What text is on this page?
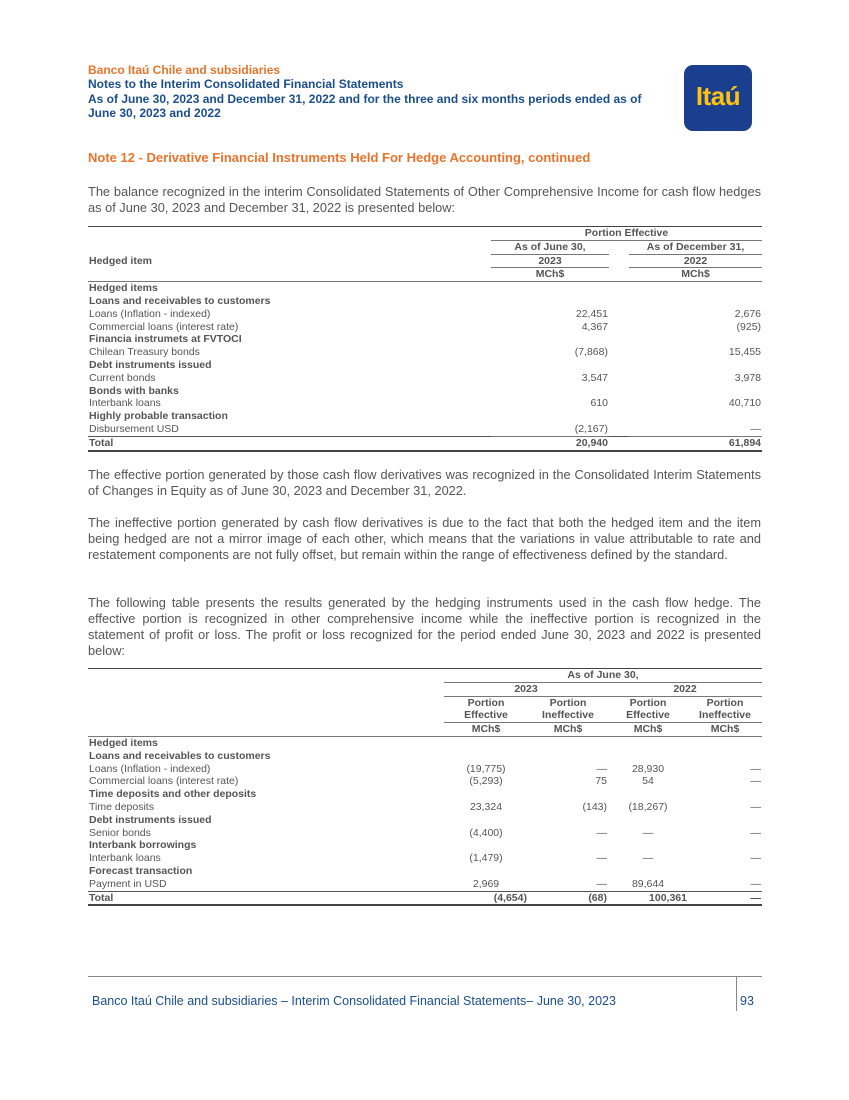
Banco Itaú Chile and subsidiaries
Notes to the Interim Consolidated Financial Statements
As of June 30, 2023 and December 31, 2022 and for the three and six months periods ended as of
June 30, 2023 and 2022
Itaú
Note 12 - Derivative Financial Instruments Held For Hedge Accounting, continued
The balance recognized in the interim Consolidated Statements of Other Comprehensive Income for cash flow hedges as of June 30, 2023 and December 31, 2022 is presented below:
		Portion Effective		
		As of June 30,		As of December 31,
Hedged item		2023		2022
		MCh$		MCh$
Hedged items				
Loans and receivables to customers				
Loans (Inflation - indexed)		22,451		2,676
Commercial loans (interest rate)		4,367		(925)
Financia instrumets at FVTOCI				
Chilean Treasury bonds		(7,868)		15,455
Debt instruments issued				
Current bonds		3,547		3,978
Bonds with banks				
Interbank loans		610		40,710
Highly probable transaction				
Disbursement USD		(2,167)		—
Total		20,940		61,894
The effective portion generated by those cash flow derivatives was recognized in the Consolidated Interim Statements of Changes in Equity as of June 30, 2023 and December 31, 2022.
The ineffective portion generated by cash flow derivatives is due to the fact that both the hedged item and the item being hedged are not a mirror image of each other, which means that the variations in value attributable to rate and restatement components are not fully offset, but remain within the range of effectiveness defined by the standard.
The following table presents the results generated by the hedging instruments used in the cash flow hedge. The effective portion is recognized in other comprehensive income while the ineffective portion is recognized in the statement of profit or loss. The profit or loss recognized for the period ended June 30, 2023 and 2022 is presented below:
	As of June 30,			
	2023		2022	
	Portion	Portion	Portion	Portion
	Effective	Ineffective	Effective	Ineffective
	MCh$	MCh$	MCh$	MCh$
Hedged items				
Loans and receivables to customers				
Loans (Inflation - indexed)	(19,775)	—	28,930	—
Commercial loans (interest rate)	(5,293)	75	54	—
Time deposits and other deposits				
Time deposits	23,324	(143)	(18,267)	—
Debt instruments issued				
Senior bonds	(4,400)	—	—	—
Interbank borrowings				
Interbank loans	(1,479)	—	—	—
Forecast transaction				
Payment in USD	2,969	—	89,644	—
Total	(4,654)	(68)	100,361	—
Banco Itaú Chile and subsidiaries – Interim Consolidated Financial Statements– June 30, 2023	93
